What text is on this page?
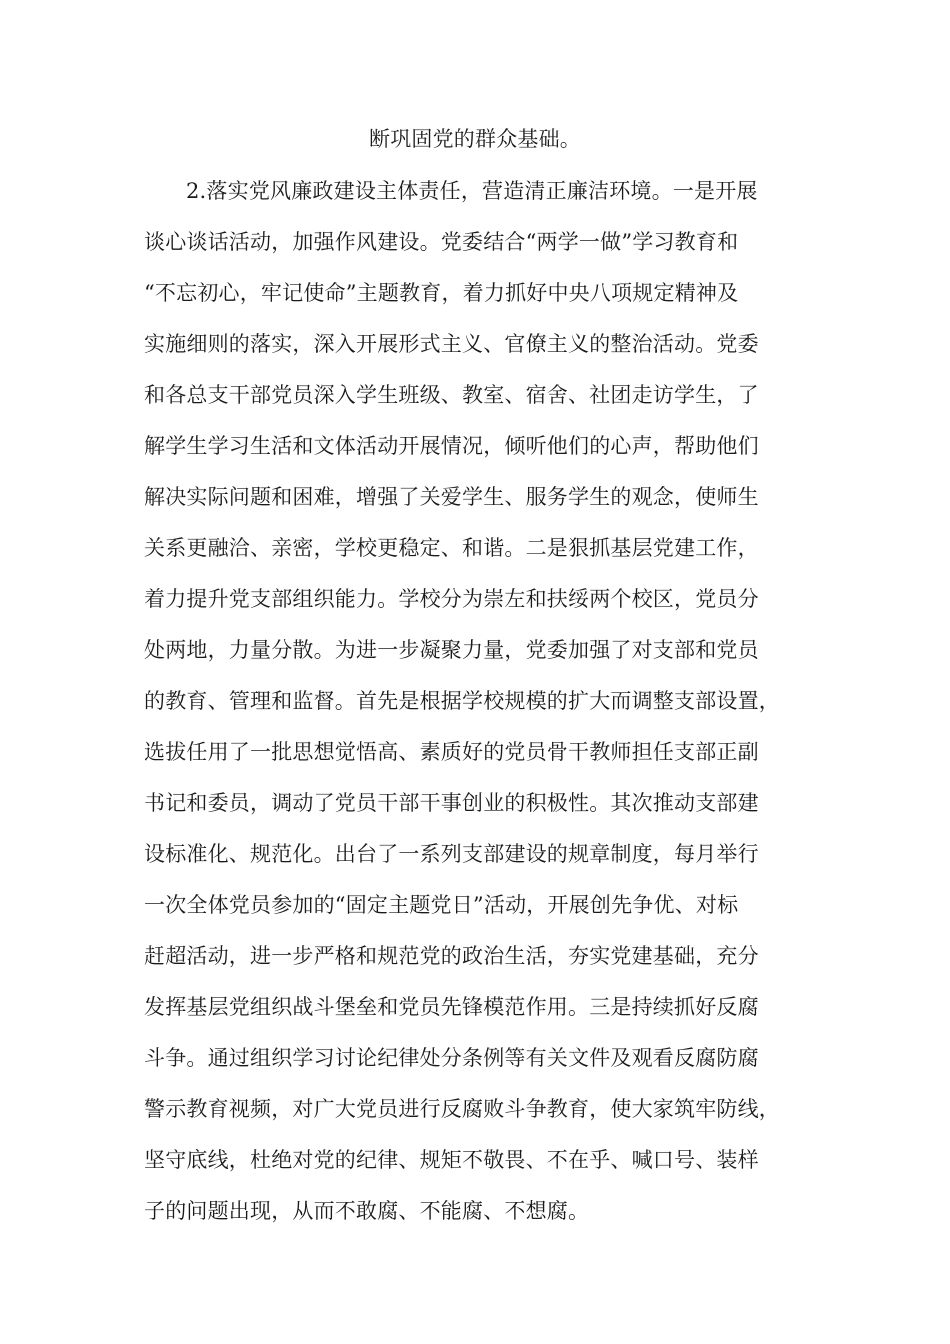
断巩固党的群众基础。
2.落实党风廉政建设主体责任，营造清正廉洁环境。一是开展
谈心谈话活动，加强作风建设。党委结合“两学一做”学习教育和
“不忘初心，牢记使命”主题教育，着力抓好中央八项规定精神及
实施细则的落实，深入开展形式主义、官僚主义的整治活动。党委
和各总支干部党员深入学生班级、教室、宿舍、社团走访学生，了
解学生学习生活和文体活动开展情况，倾听他们的心声，帮助他们
解决实际问题和困难，增强了关爱学生、服务学生的观念，使师生
关系更融洽、亲密，学校更稳定、和谐。二是狠抓基层党建工作，
着力提升党支部组织能力。学校分为崇左和扶绥两个校区，党员分
处两地，力量分散。为进一步凝聚力量，党委加强了对支部和党员
的教育、管理和监督。首先是根据学校规模的扩大而调整支部设置，
选拔任用了一批思想觉悟高、素质好的党员骨干教师担任支部正副
书记和委员，调动了党员干部干事创业的积极性。其次推动支部建
设标准化、规范化。出台了一系列支部建设的规章制度，每月举行
一次全体党员参加的“固定主题党日”活动，开展创先争优、对标
赶超活动，进一步严格和规范党的政治生活，夯实党建基础，充分
发挥基层党组织战斗堡垒和党员先锋模范作用。三是持续抓好反腐
斗争。通过组织学习讨论纪律处分条例等有关文件及观看反腐防腐
警示教育视频，对广大党员进行反腐败斗争教育，使大家筑牢防线，
坚守底线，杜绝对党的纪律、规矩不敬畏、不在乎、喊口号、装样
子的问题出现，从而不敢腐、不能腐、不想腐。
